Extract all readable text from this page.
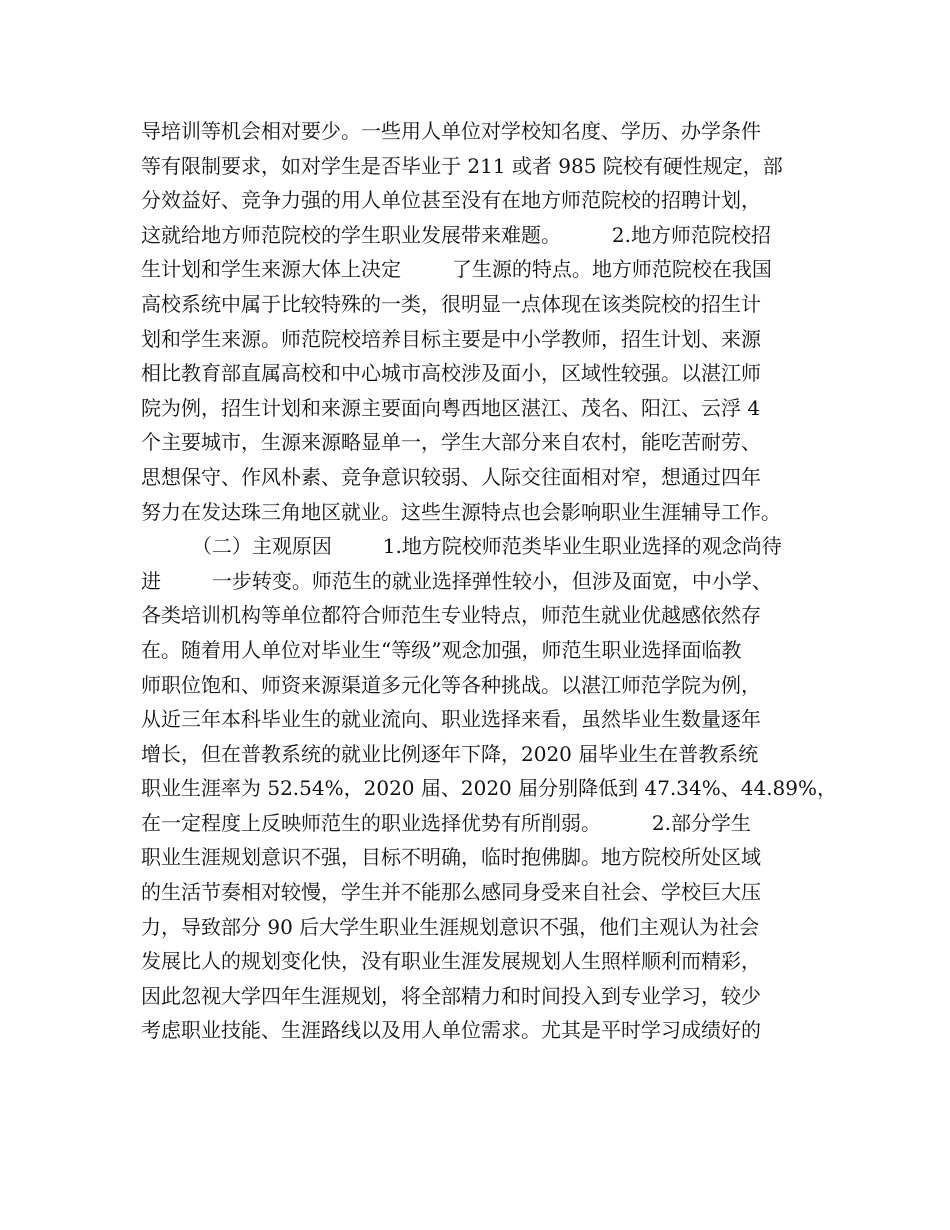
导培训等机会相对要少。一些用人单位对学校知名度、学历、办学条件
等有限制要求，如对学生是否毕业于 211 或者 985 院校有硬性规定，部
分效益好、竞争力强的用人单位甚至没有在地方师范院校的招聘计划，
这就给地方师范院校的学生职业发展带来难题。        2.地方师范院校招
生计划和学生来源大体上决定        了生源的特点。地方师范院校在我国
高校系统中属于比较特殊的一类，很明显一点体现在该类院校的招生计
划和学生来源。师范院校培养目标主要是中小学教师，招生计划、来源
相比教育部直属高校和中心城市高校涉及面小，区域性较强。以湛江师
院为例，招生计划和来源主要面向粤西地区湛江、茂名、阳江、云浮 4
个主要城市，生源来源略显单一，学生大部分来自农村，能吃苦耐劳、
思想保守、作风朴素、竞争意识较弱、人际交往面相对窄，想通过四年
努力在发达珠三角地区就业。这些生源特点也会影响职业生涯辅导工作。
（二）主观原因        1.地方院校师范类毕业生职业选择的观念尚待
进        一步转变。师范生的就业选择弹性较小，但涉及面宽，中小学、
各类培训机构等单位都符合师范生专业特点，师范生就业优越感依然存
在。随着用人单位对毕业生“等级”观念加强，师范生职业选择面临教
师职位饱和、师资来源渠道多元化等各种挑战。以湛江师范学院为例，
从近三年本科毕业生的就业流向、职业选择来看，虽然毕业生数量逐年
增长，但在普教系统的就业比例逐年下降，2020 届毕业生在普教系统
职业生涯率为 52.54%，2020 届、2020 届分别降低到 47.34%、44.89%，
在一定程度上反映师范生的职业选择优势有所削弱。        2.部分学生
职业生涯规划意识不强，目标不明确，临时抱佛脚。地方院校所处区域
的生活节奏相对较慢，学生并不能那么感同身受来自社会、学校巨大压
力，导致部分 90 后大学生职业生涯规划意识不强，他们主观认为社会
发展比人的规划变化快，没有职业生涯发展规划人生照样顺利而精彩，
因此忽视大学四年生涯规划，将全部精力和时间投入到专业学习，较少
考虑职业技能、生涯路线以及用人单位需求。尤其是平时学习成绩好的
